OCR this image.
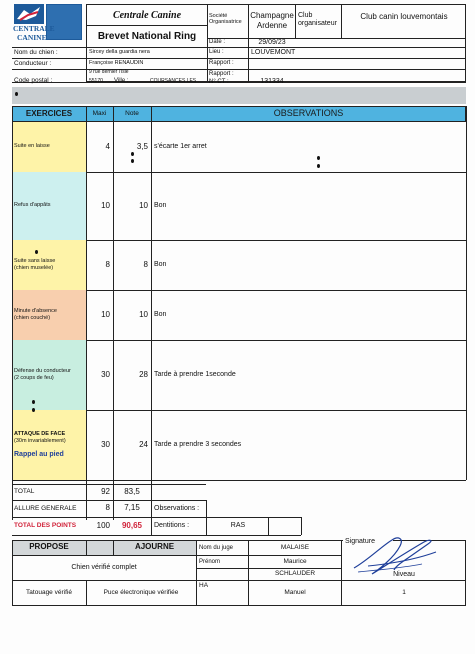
CENTRALE
CANINE
Centrale Canine
Brevet National Ring
Société Organisatrice
Champagne Ardenne
Club organisateur
Club canin louvemontais
Date :	29/09/23
Lieu :	LOUVEMONT
Rapport :
Rapport :
N° CT :	131334
Nom du chien :	Sircey della guardia nera
Conducteur :	Françoise RENAUDIN
9 rue dernier l'Isle
Code postal :	55170	Ville :	COURSANCES LES
EXERCICES	Maxi	Note	OBSERVATIONS
Suite en laisse	4	3,5 s'écarte 1er arret
Refus d'appâts	10	10 Bon
Suite sans laisse
(chien muselée)	8	8 Bon
Minute d'absence
(chien couché)	10	10 Bon
Défense du conducteur
(2 coups de feu)	30	28 Tarde à prendre 1seconde
ATTAQUE DE FACE
(30m invariablement)
Rappel au pied
30	24 Tarde a prendre 3 secondes
TOTAL	92	83,5
ALLURE GENERALE	8	7,15	Observations :
TOTAL DES POINTS	100	90,65	Dentitions :	RAS
PROPOSE	AJOURNE	Nom du juge	MALAISE
Signature
Chien vérifié complet
Prénom	Maurice
SCHLAUDER	Niveau
HA
Tatouage vérifié	Puce électronique vérifiée	Manuel	1
